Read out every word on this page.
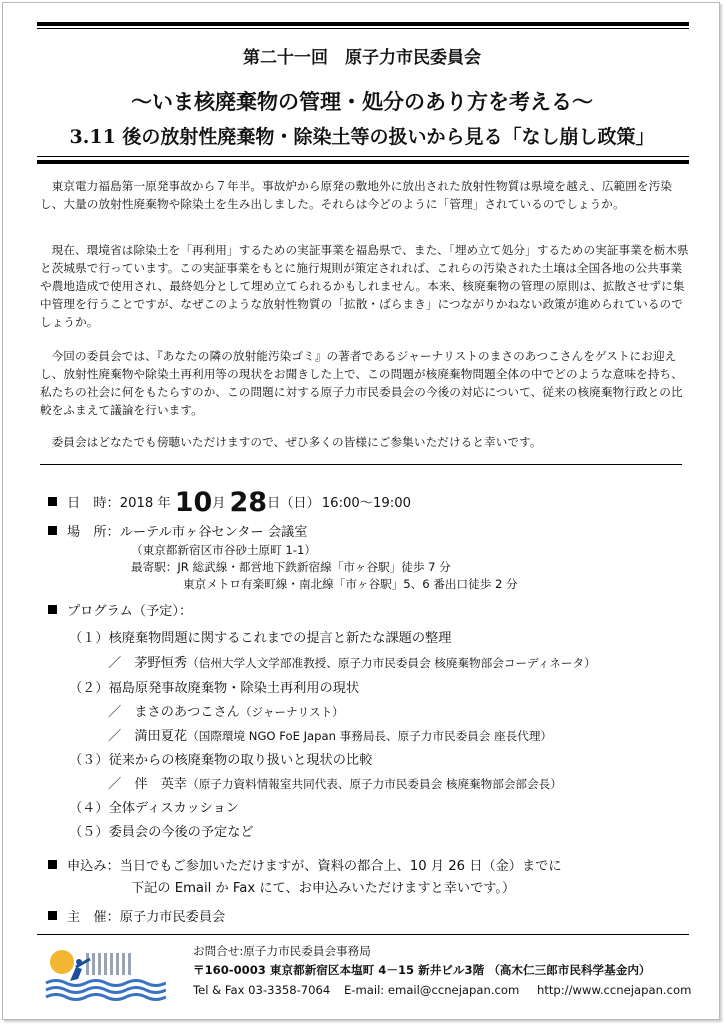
第二十一回　原子力市民委員会
～いま核廃棄物の管理・処分のあり方を考える～
3.11 後の放射性廃棄物・除染土等の扱いから見る「なし崩し政策」

東京電力福島第一原発事故から７年半。事故炉から原発の敷地外に放出された放射性物質は県境を越え、広範囲を汚染し、大量の放射性廃棄物や除染土を生み出しました。それらは今どのように「管理」されているのでしょうか。

現在、環境省は除染土を「再利用」するための実証事業を福島県で、また、「埋め立て処分」するための実証事業を栃木県と茨城県で行っています。この実証事業をもとに施行規則が策定されれば、これらの汚染された土壌は全国各地の公共事業や農地造成で使用され、最終処分として埋め立てられるかもしれません。本来、核廃棄物の管理の原則は、拡散させずに集中管理を行うことですが、なぜこのような放射性物質の「拡散・ばらまき」につながりかねない政策が進められているのでしょうか。

今回の委員会では、『あなたの隣の放射能汚染ゴミ』の著者であるジャーナリストのまさのあつこさんをゲストにお迎えし、放射性廃棄物や除染土再利用等の現状をお聞きした上で、この問題が核廃棄物問題全体の中でどのような意味を持ち、私たちの社会に何をもたらすのか、この問題に対する原子力市民委員会の今後の対応について、従来の核廃棄物行政との比較をふまえて議論を行います。

委員会はどなたでも傍聴いただけますので、ぜひ多くの皆様にご参集いただけると幸いです。

日　時：2018 年 10月 28日（日） 16:00～19:00
場　所：ルーテル市ヶ谷センター 会議室
（東京都新宿区市谷砂土原町 1-1）
最寄駅：JR 総武線・都営地下鉄新宿線「市ヶ谷駅」徒歩 7 分
東京メトロ有楽町線・南北線「市ヶ谷駅」5、6 番出口徒歩 2 分
プログラム（予定）：
（１）核廃棄物問題に関するこれまでの提言と新たな課題の整理
／　茅野恒秀（信州大学人文学部准教授、原子力市民委員会 核廃棄物部会コーディネータ）
（２）福島原発事故廃棄物・除染土再利用の現状
／　まさのあつこさん（ジャーナリスト）
／　満田夏花（国際環境 NGO FoE Japan 事務局長、原子力市民委員会 座長代理）
（３）従来からの核廃棄物の取り扱いと現状の比較
／　伴　英幸（原子力資料情報室共同代表、原子力市民委員会 核廃棄物部会部会長）
（４）全体ディスカッション
（５）委員会の今後の予定など
申込み：当日でもご参加いただけますが、資料の都合上、10 月 26 日（金）までに
下記の Email か Fax にて、お申込みいただけますと幸いです。）
主　催：原子力市民委員会
お問合せ:原子力市民委員会事務局
〒160-0003 東京都新宿区本塩町 4－15 新井ビル3階 （高木仁三郎市民科学基金内）
Tel & Fax 03-3358-7064 E-mail: email@ccnejapan.com http://www.ccnejapan.com
